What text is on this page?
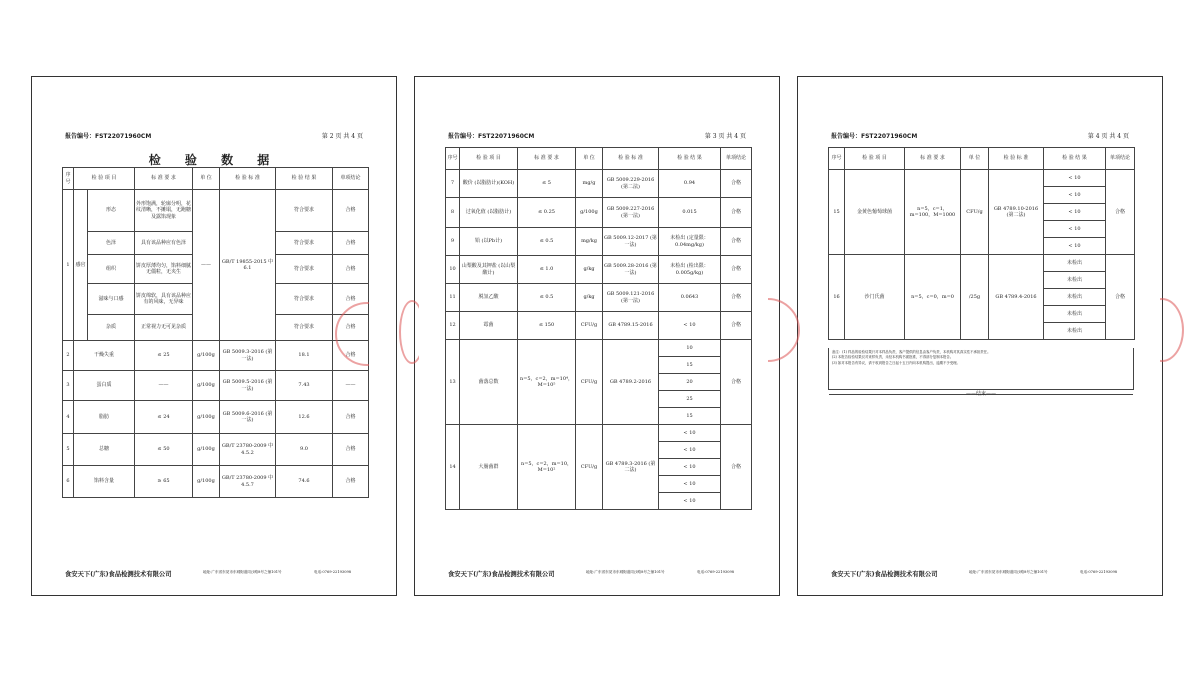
报告编号：FST22071960CM	第 2 页 共 4 页
检 验 数 据
序号	检 验 项 目		标 准 要 求	单 位	检 验 标 准	检 验 结 果	单项结论
1	感官	形态	外形饱满，轮廓分明，花纹清晰，不摊塌，无跑糖及露馅现象	——	GB/T 19855-2015 中 6.1	符合要求	合格
		色泽	具有该品种应有色泽			符合要求	合格
		组织	饼皮厚薄均匀，馅料细腻无僵粒，无夹生			符合要求	合格
		滋味与口感	饼皮绵软，具有该品种应有的风味，无异味			符合要求	合格
		杂质	正常视力无可见杂质			符合要求	合格
2	干燥失重		≤ 25	g/100g	GB 5009.3-2016 (第一法)	18.1	合格
3	蛋白质		——	g/100g	GB 5009.5-2016 (第一法)	7.43	——
4	脂肪		≤ 24	g/100g	GB 5009.6-2016 (第一法)	12.6	合格
5	总糖		≤ 50	g/100g	GB/T 23780-2009 中 4.5.2	9.0	合格
6	馅料含量		≥ 65	g/100g	GB/T 23780-2009 中 4.5.7	74.6	合格
食安天下(广东)食品检测技术有限公司	地址:广东省东莞市东城街道同沙路8号之铺101号	电话:0769-22193098
报告编号：FST22071960CM	第 3 页 共 4 页
序号	检 验 项 目	标 准 要 求	单 位	检 验 标 准	检 验 结 果	单项结论
7	酸价 (以脂肪计)(KOH)	≤ 5	mg/g	GB 5009.229-2016 (第二法)	0.94	合格
8	过氧化值 (以脂肪计)	≤ 0.25	g/100g	GB 5009.227-2016 (第一法)	0.015	合格
9	铅 (以Pb计)	≤ 0.5	mg/kg	GB 5009.12-2017 (第一法)	未检出 (定量限：0.04mg/kg)	合格
10	山梨酸及其钾盐 (以山梨酸计)	≤ 1.0	g/kg	GB 5009.28-2016 (第一法)	未检出 (检出限：0.005g/kg)	合格
11	脱氢乙酸	≤ 0.5	g/kg	GB 5009.121-2016 (第一法)	0.0643	合格
12	霉菌	≤ 150	CFU/g	GB 4789.15-2016	< 10	合格
13	菌落总数	n=5，c=2，m=10⁴，M=10⁵	CFU/g	GB 4789.2-2016	10	合格
					15	
					20	
					25	
					15	
14	大肠菌群	n=5，c=2，m=10，M=10²	CFU/g	GB 4789.3-2016 (第二法)	< 10	合格
					< 10	
					< 10	
					< 10	
					< 10	
食安天下(广东)食品检测技术有限公司	地址:广东省东莞市东城街道同沙路8号之铺101号	电话:0769-22193098
报告编号：FST22071960CM	第 4 页 共 4 页
序号	检 验 项 目	标 准 要 求	单 位	检 验 标 准	检 验 结 果	单项结论
15	金黄色葡萄球菌	n=5，c=1，m=100，M=1000	CFU/g	GB 4789.10-2016 (第二法)	< 10	合格
					< 10	
					< 10	
					< 10	
					< 10	
16	沙门氏菌	n=5，c=0，m=0	/25g	GB 4789.4-2016	未检出	合格
					未检出	
					未检出	
					未检出	
					未检出	
备注：(1) 样品的检验结果只对本样品负责，客户提供的信息由客户负责，本机构对其真实性不承担责任。
(2) 本报告检验结果仅对来样负责，未经本机构书面批准，不得部分复制本报告。
(3) 如对本报告有异议，请于收到报告之日起十五日内向本机构提出，逾期不予受理。
——结束——
食安天下(广东)食品检测技术有限公司	地址:广东省东莞市东城街道同沙路8号之铺101号	电话:0769-22193098
